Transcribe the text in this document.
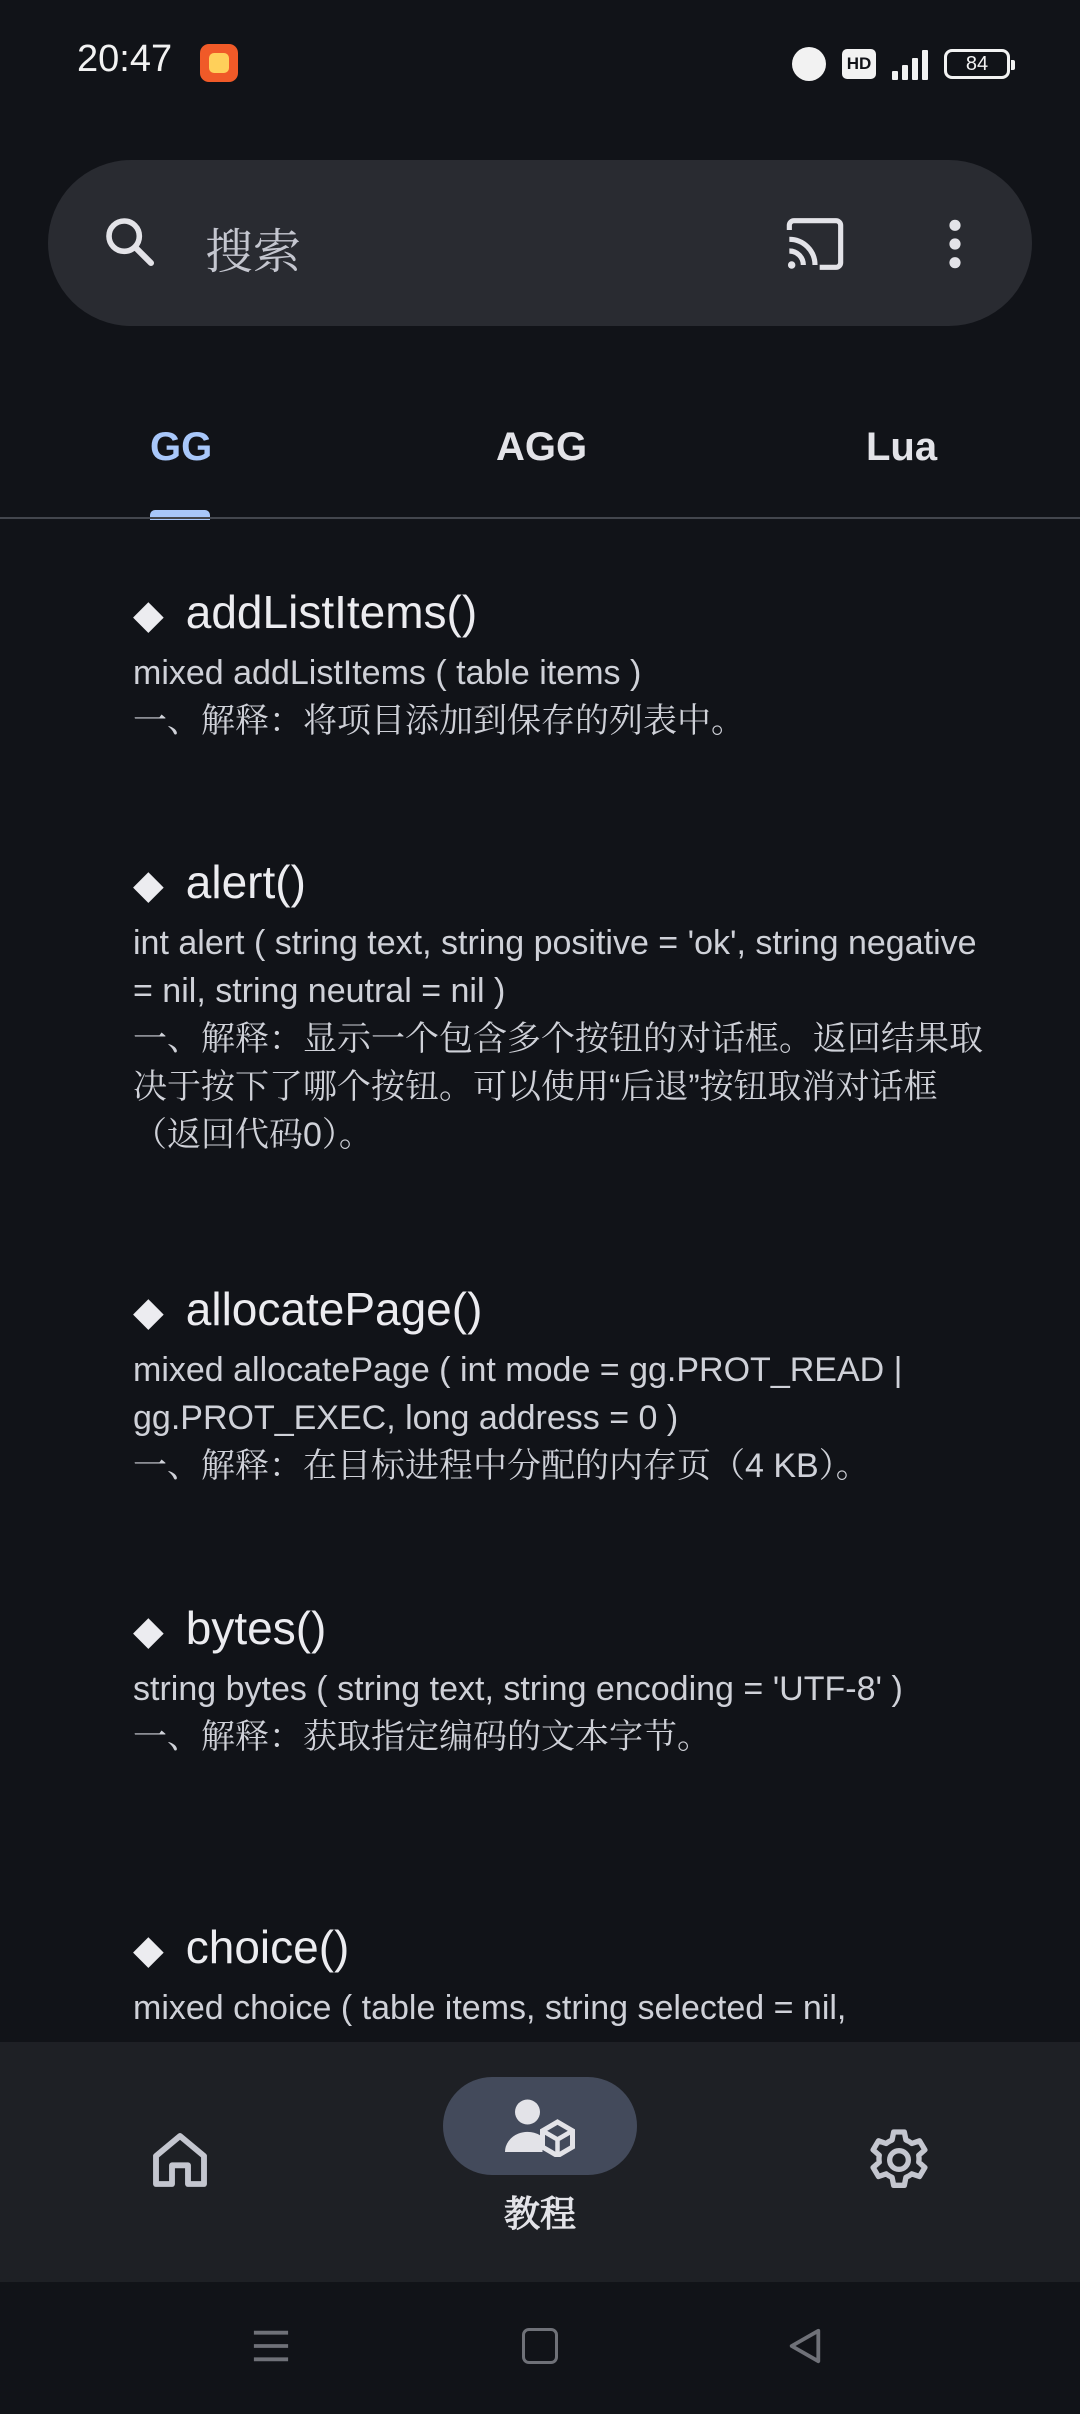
20:47	HD	84
搜索
GG	AGG	Lua
◆ addListItems()
mixed addListItems ( table items )
一、解释：将项目添加到保存的列表中。
◆ alert()
int alert ( string text, string positive = 'ok', string negative = nil, string neutral = nil )
一、解释：显示一个包含多个按钮的对话框。返回结果取决于按下了哪个按钮。可以使用“后退”按钮取消对话框（返回代码0）。
◆ allocatePage()
mixed allocatePage ( int mode = gg.PROT_READ | gg.PROT_EXEC, long address = 0 )
一、解释：在目标进程中分配的内存页（4 KB）。
◆ bytes()
string bytes ( string text, string encoding = 'UTF-8' )
一、解释：获取指定编码的文本字节。
◆ choice()
mixed choice ( table items, string selected = nil,
教程
